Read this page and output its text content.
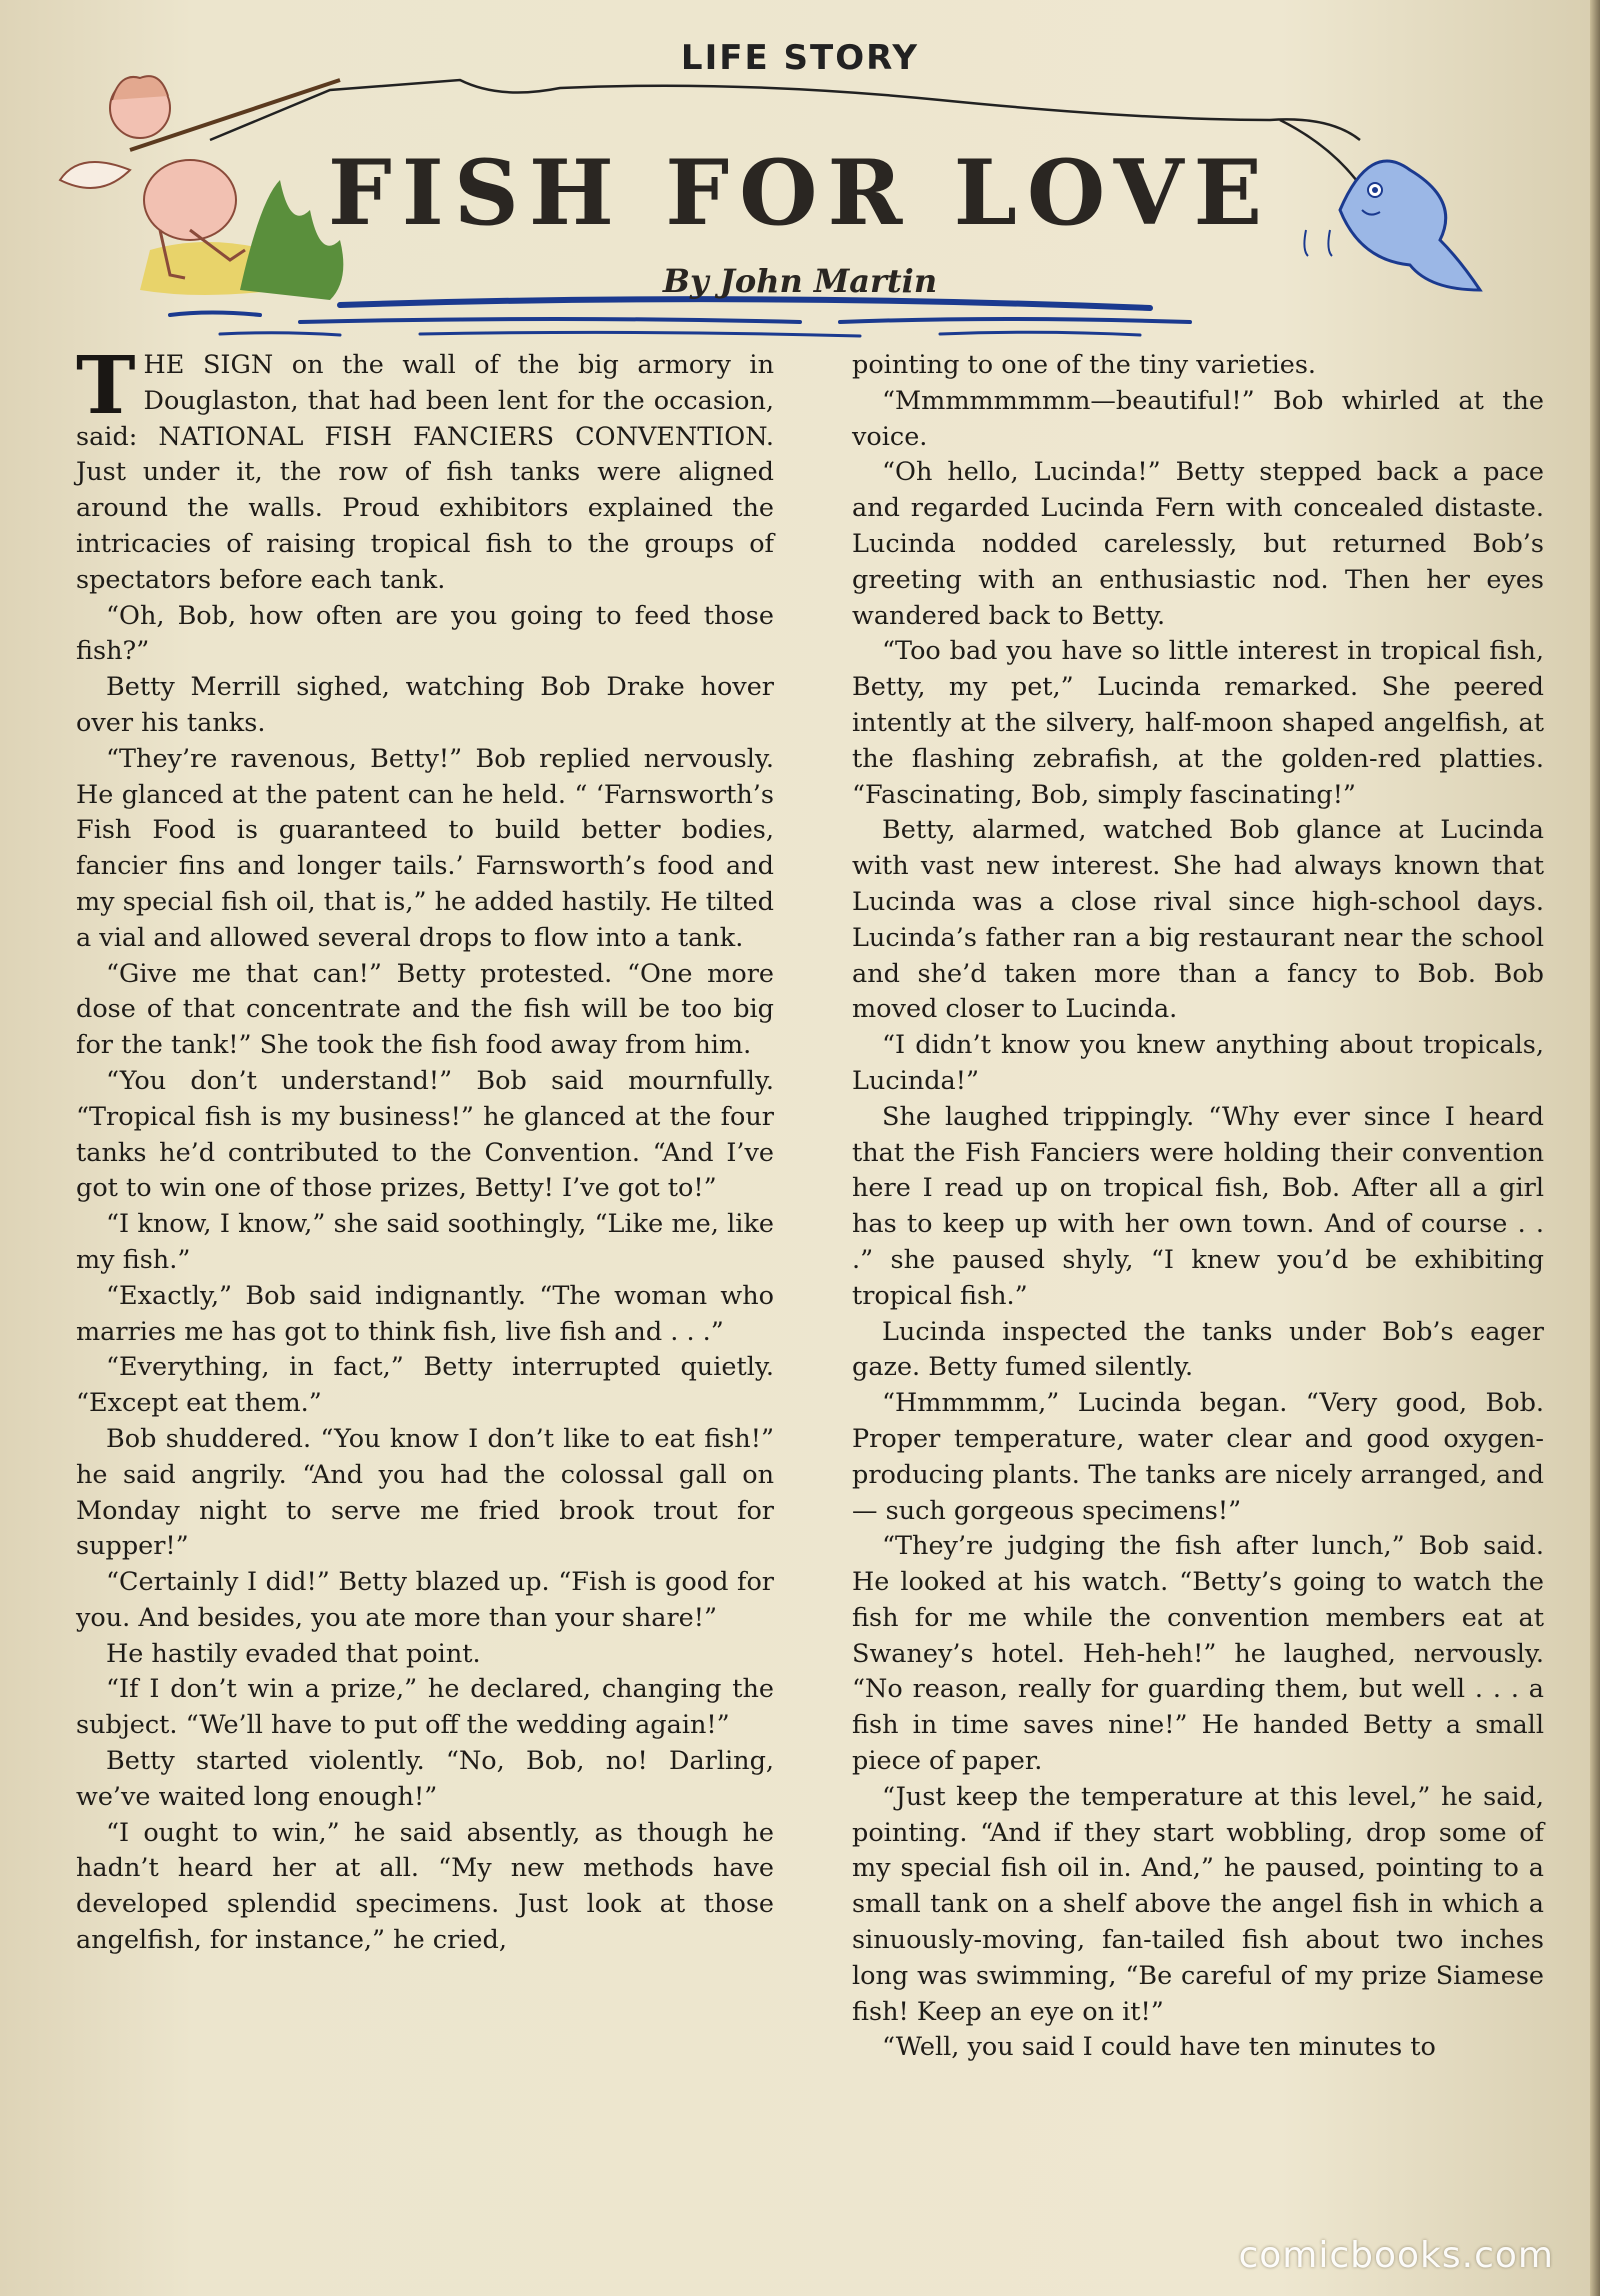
LIFE STORY
FISH FOR LOVE
By John Martin

THE SIGN on the wall of the big armory in Douglaston, that had been lent for the occasion, said: NATIONAL FISH FANCIERS CONVENTION. Just under it, the row of fish tanks were aligned around the walls. Proud exhibitors explained the intricacies of raising tropical fish to the groups of spectators before each tank.

“Oh, Bob, how often are you going to feed those fish?”

Betty Merrill sighed, watching Bob Drake hover over his tanks.

“They’re ravenous, Betty!” Bob replied nervously. He glanced at the patent can he held. “ ‘Farnsworth’s Fish Food is guaranteed to build better bodies, fancier fins and longer tails.’ Farnsworth’s food and my special fish oil, that is,” he added hastily. He tilted a vial and allowed several drops to flow into a tank.

“Give me that can!” Betty protested. “One more dose of that concentrate and the fish will be too big for the tank!” She took the fish food away from him.

“You don’t understand!” Bob said mournfully. “Tropical fish is my business!” he glanced at the four tanks he’d contributed to the Convention. “And I’ve got to win one of those prizes, Betty! I’ve got to!”

“I know, I know,” she said soothingly, “Like me, like my fish.”

“Exactly,” Bob said indignantly. “The woman who marries me has got to think fish, live fish and . . .”

“Everything, in fact,” Betty interrupted quietly. “Except eat them.”

Bob shuddered. “You know I don’t like to eat fish!” he said angrily. “And you had the colossal gall on Monday night to serve me fried brook trout for supper!”

“Certainly I did!” Betty blazed up. “Fish is good for you. And besides, you ate more than your share!”

He hastily evaded that point.

“If I don’t win a prize,” he declared, changing the subject. “We’ll have to put off the wedding again!”

Betty started violently. “No, Bob, no! Darling, we’ve waited long enough!”

“I ought to win,” he said absently, as though he hadn’t heard her at all. “My new methods have developed splendid specimens. Just look at those angelfish, for instance,” he cried,

pointing to one of the tiny varieties.

“Mmmmmmmm—beautiful!” Bob whirled at the voice.

“Oh hello, Lucinda!” Betty stepped back a pace and regarded Lucinda Fern with concealed distaste. Lucinda nodded carelessly, but returned Bob’s greeting with an enthusiastic nod. Then her eyes wandered back to Betty.

“Too bad you have so little interest in tropical fish, Betty, my pet,” Lucinda remarked. She peered intently at the silvery, half-moon shaped angelfish, at the flashing zebrafish, at the golden-red platties. “Fascinating, Bob, simply fascinating!”

Betty, alarmed, watched Bob glance at Lucinda with vast new interest. She had always known that Lucinda was a close rival since high-school days. Lucinda’s father ran a big restaurant near the school and she’d taken more than a fancy to Bob. Bob moved closer to Lucinda.

“I didn’t know you knew anything about tropicals, Lucinda!”

She laughed trippingly. “Why ever since I heard that the Fish Fanciers were holding their convention here I read up on tropical fish, Bob. After all a girl has to keep up with her own town. And of course . . .” she paused shyly, “I knew you’d be exhibiting tropical fish.”

Lucinda inspected the tanks under Bob’s eager gaze. Betty fumed silently.

“Hmmmmm,” Lucinda began. “Very good, Bob. Proper temperature, water clear and good oxygen-producing plants. The tanks are nicely arranged, and — such gorgeous specimens!”

“They’re judging the fish after lunch,” Bob said. He looked at his watch. “Betty’s going to watch the fish for me while the convention members eat at Swaney’s hotel. Heh-heh!” he laughed, nervously. “No reason, really for guarding them, but well . . . a fish in time saves nine!” He handed Betty a small piece of paper.

“Just keep the temperature at this level,” he said, pointing. “And if they start wobbling, drop some of my special fish oil in. And,” he paused, pointing to a small tank on a shelf above the angel fish in which a sinuously-moving, fan-tailed fish about two inches long was swimming, “Be careful of my prize Siamese fish! Keep an eye on it!”

“Well, you said I could have ten minutes to

comicbooks.com
